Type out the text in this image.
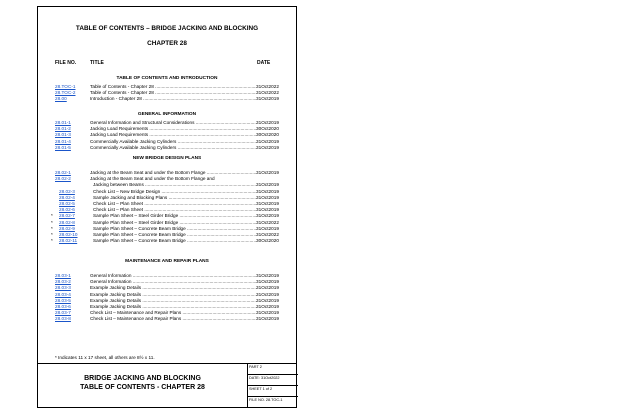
TABLE OF CONTENTS – BRIDGE JACKING AND BLOCKING
CHAPTER 28
FILE NO.	TITLE	DATE
TABLE OF CONTENTS AND INTRODUCTION
28.TOC-1	Table of Contents - Chapter 28 .....	31Oct2022
28.TOC-2	Table of Contents - Chapter 28 .....	31Oct2022
28.00	Introduction - Chapter 28 .....	31Oct2019
GENERAL INFORMATION
28.01-1	General Information and Structural Considerations .....	31Oct2019
28.01-2	Jacking Load Requirements .....	30Oct2020
28.01-3	Jacking Load Requirements .....	30Oct2020
28.01-4	Commercially Available Jacking Cylinders .....	31Oct2019
28.01-5	Commercially Available Jacking Cylinders .....	31Oct2019
NEW BRIDGE DESIGN PLANS
28.02-1	Jacking at the Beam Seat and under the Bottom Flange .....	31Oct2019
28.02-2	Jacking at the Beam Seat and under the Bottom Flange and
Jacking between Beams .....	31Oct2019
28.02-3	Check List – New Bridge Design .....	31Oct2019
28.02-4	Sample Jacking and Blocking Plans .....	31Oct2019
28.02-5	Check List – Plan Sheet .....	31Oct2019
28.02-6	Check List – Plan Sheet .....	31Oct2019
* 28.02-7	Sample Plan Sheet – Steel Girder Bridge .....	31Oct2019
* 28.02-8	Sample Plan Sheet – Steel Girder Bridge .....	31Oct2022
* 28.02-9	Sample Plan Sheet – Concrete Beam Bridge .....	31Oct2019
* 28.02-10	Sample Plan Sheet – Concrete Beam Bridge .....	31Oct2022
* 28.02-11	Sample Plan Sheet – Concrete Beam Bridge .....	30Oct2020
MAINTENANCE AND REPAIR PLANS
28.03-1	General Information .....	31Oct2019
28.03-2	General Information .....	31Oct2019
28.03-3	Example Jacking Details .....	31Oct2019
28.03-4	Example Jacking Details .....	31Oct2019
28.03-5	Example Jacking Details .....	31Oct2019
28.03-6	Example Jacking Details .....	31Oct2019
28.03-7	Check List – Maintenance and Repair Plans .....	31Oct2019
28.03-8	Check List – Maintenance and Repair Plans .....	31Oct2019
* Indicates 11 x 17 sheet, all others are 8½ x 11.
BRIDGE JACKING AND BLOCKING
TABLE OF CONTENTS - CHAPTER 28
PART 2
DATE: 31Oct2022
SHEET 1 of 2
FILE NO. 28.TOC-1
